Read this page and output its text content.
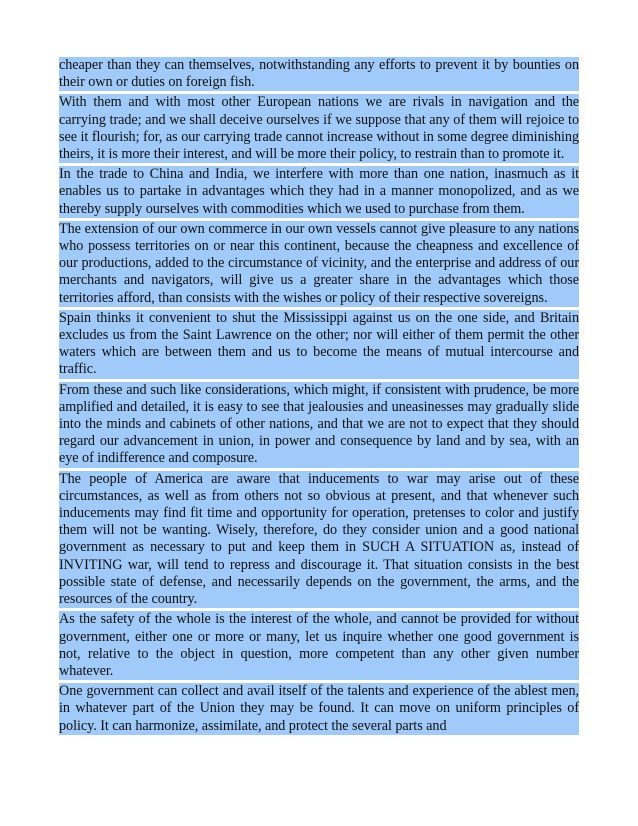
cheaper than they can themselves, notwithstanding any efforts to prevent it by bounties on their own or duties on foreign fish.

With them and with most other European nations we are rivals in navigation and the carrying trade; and we shall deceive ourselves if we suppose that any of them will rejoice to see it flourish; for, as our carrying trade cannot increase without in some degree diminishing theirs, it is more their interest, and will be more their policy, to restrain than to promote it.

In the trade to China and India, we interfere with more than one nation, inasmuch as it enables us to partake in advantages which they had in a manner monopolized, and as we thereby supply ourselves with commodities which we used to purchase from them.

The extension of our own commerce in our own vessels cannot give pleasure to any nations who possess territories on or near this continent, because the cheapness and excellence of our productions, added to the circumstance of vicinity, and the enterprise and address of our merchants and navigators, will give us a greater share in the advantages which those territories afford, than consists with the wishes or policy of their respective sovereigns.

Spain thinks it convenient to shut the Mississippi against us on the one side, and Britain excludes us from the Saint Lawrence on the other; nor will either of them permit the other waters which are between them and us to become the means of mutual intercourse and traffic.

From these and such like considerations, which might, if consistent with prudence, be more amplified and detailed, it is easy to see that jealousies and uneasinesses may gradually slide into the minds and cabinets of other nations, and that we are not to expect that they should regard our advancement in union, in power and consequence by land and by sea, with an eye of indifference and composure.

The people of America are aware that inducements to war may arise out of these circumstances, as well as from others not so obvious at present, and that whenever such inducements may find fit time and opportunity for operation, pretenses to color and justify them will not be wanting. Wisely, therefore, do they consider union and a good national government as necessary to put and keep them in SUCH A SITUATION as, instead of INVITING war, will tend to repress and discourage it. That situation consists in the best possible state of defense, and necessarily depends on the government, the arms, and the resources of the country.

As the safety of the whole is the interest of the whole, and cannot be provided for without government, either one or more or many, let us inquire whether one good government is not, relative to the object in question, more competent than any other given number whatever.

One government can collect and avail itself of the talents and experience of the ablest men, in whatever part of the Union they may be found. It can move on uniform principles of policy. It can harmonize, assimilate, and protect the several parts and
